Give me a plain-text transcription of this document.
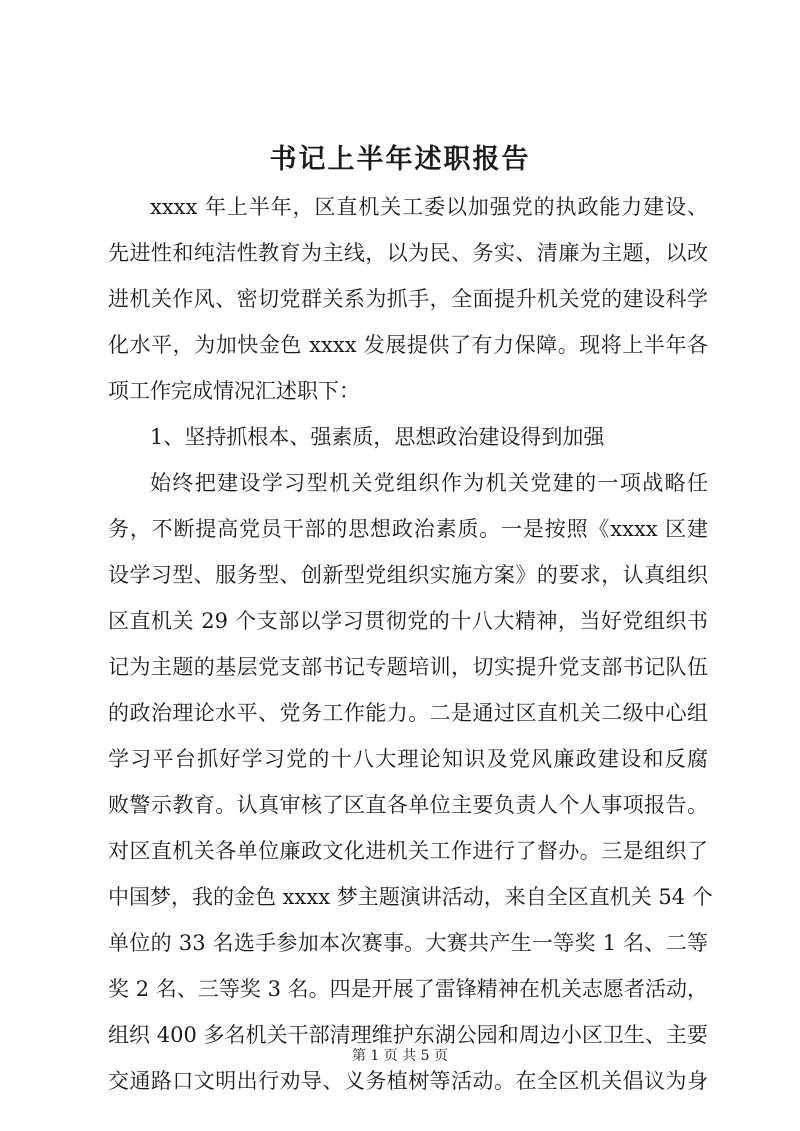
书记上半年述职报告
xxxx 年上半年，区直机关工委以加强党的执政能力建设、
先进性和纯洁性教育为主线，以为民、务实、清廉为主题，以改
进机关作风、密切党群关系为抓手，全面提升机关党的建设科学
化水平，为加快金色 xxxx 发展提供了有力保障。现将上半年各
项工作完成情况汇述职下：
1、坚持抓根本、强素质，思想政治建设得到加强
始终把建设学习型机关党组织作为机关党建的一项战略任
务，不断提高党员干部的思想政治素质。一是按照《xxxx 区建
设学习型、服务型、创新型党组织实施方案》的要求，认真组织
区直机关 29 个支部以学习贯彻党的十八大精神，当好党组织书
记为主题的基层党支部书记专题培训，切实提升党支部书记队伍
的政治理论水平、党务工作能力。二是通过区直机关二级中心组
学习平台抓好学习党的十八大理论知识及党风廉政建设和反腐
败警示教育。认真审核了区直各单位主要负责人个人事项报告。
对区直机关各单位廉政文化进机关工作进行了督办。三是组织了
中国梦，我的金色 xxxx 梦主题演讲活动，来自全区直机关 54 个
单位的 33 名选手参加本次赛事。大赛共产生一等奖 1 名、二等
奖 2 名、三等奖 3 名。四是开展了雷锋精神在机关志愿者活动，
组织 400 多名机关干部清理维护东湖公园和周边小区卫生、主要
交通路口文明出行劝导、义务植树等活动。在全区机关倡议为身
第 1 页 共 5 页
